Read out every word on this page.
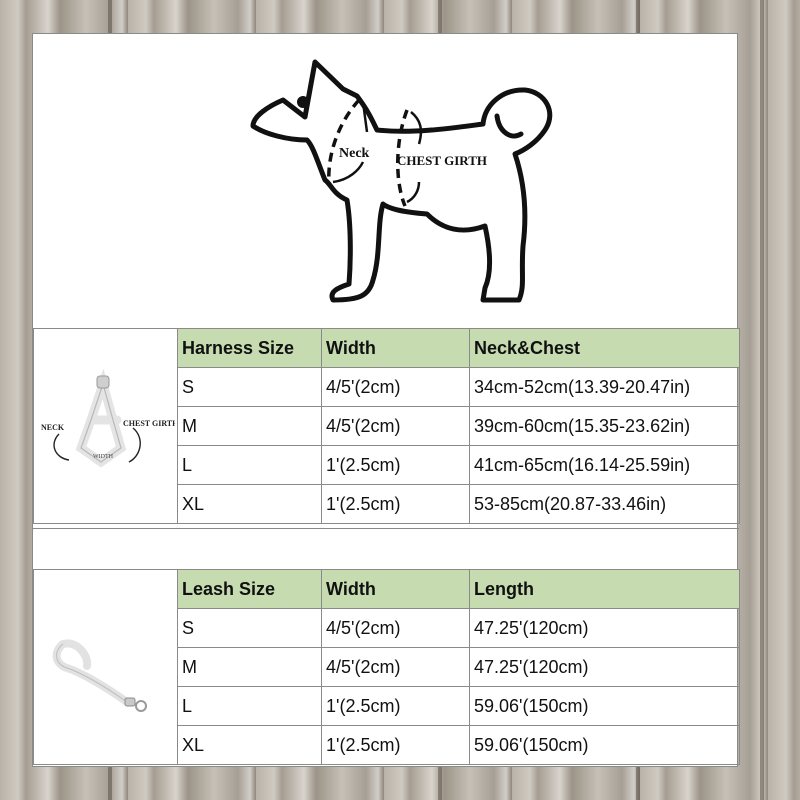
Neck CHEST GIRTH
NECK CHEST GIRTH
WIDTH	Harness Size	Width	Neck&Chest
	S	4/5'(2cm)	34cm-52cm(13.39-20.47in)
	M	4/5'(2cm)	39cm-60cm(15.35-23.62in)
	L	1'(2.5cm)	41cm-65cm(16.14-25.59in)
	XL	1'(2.5cm)	53-85cm(20.87-33.46in)
	Leash Size	Width	Length
	S	4/5'(2cm)	47.25'(120cm)
	M	4/5'(2cm)	47.25'(120cm)
	L	1'(2.5cm)	59.06'(150cm)
	XL	1'(2.5cm)	59.06'(150cm)
